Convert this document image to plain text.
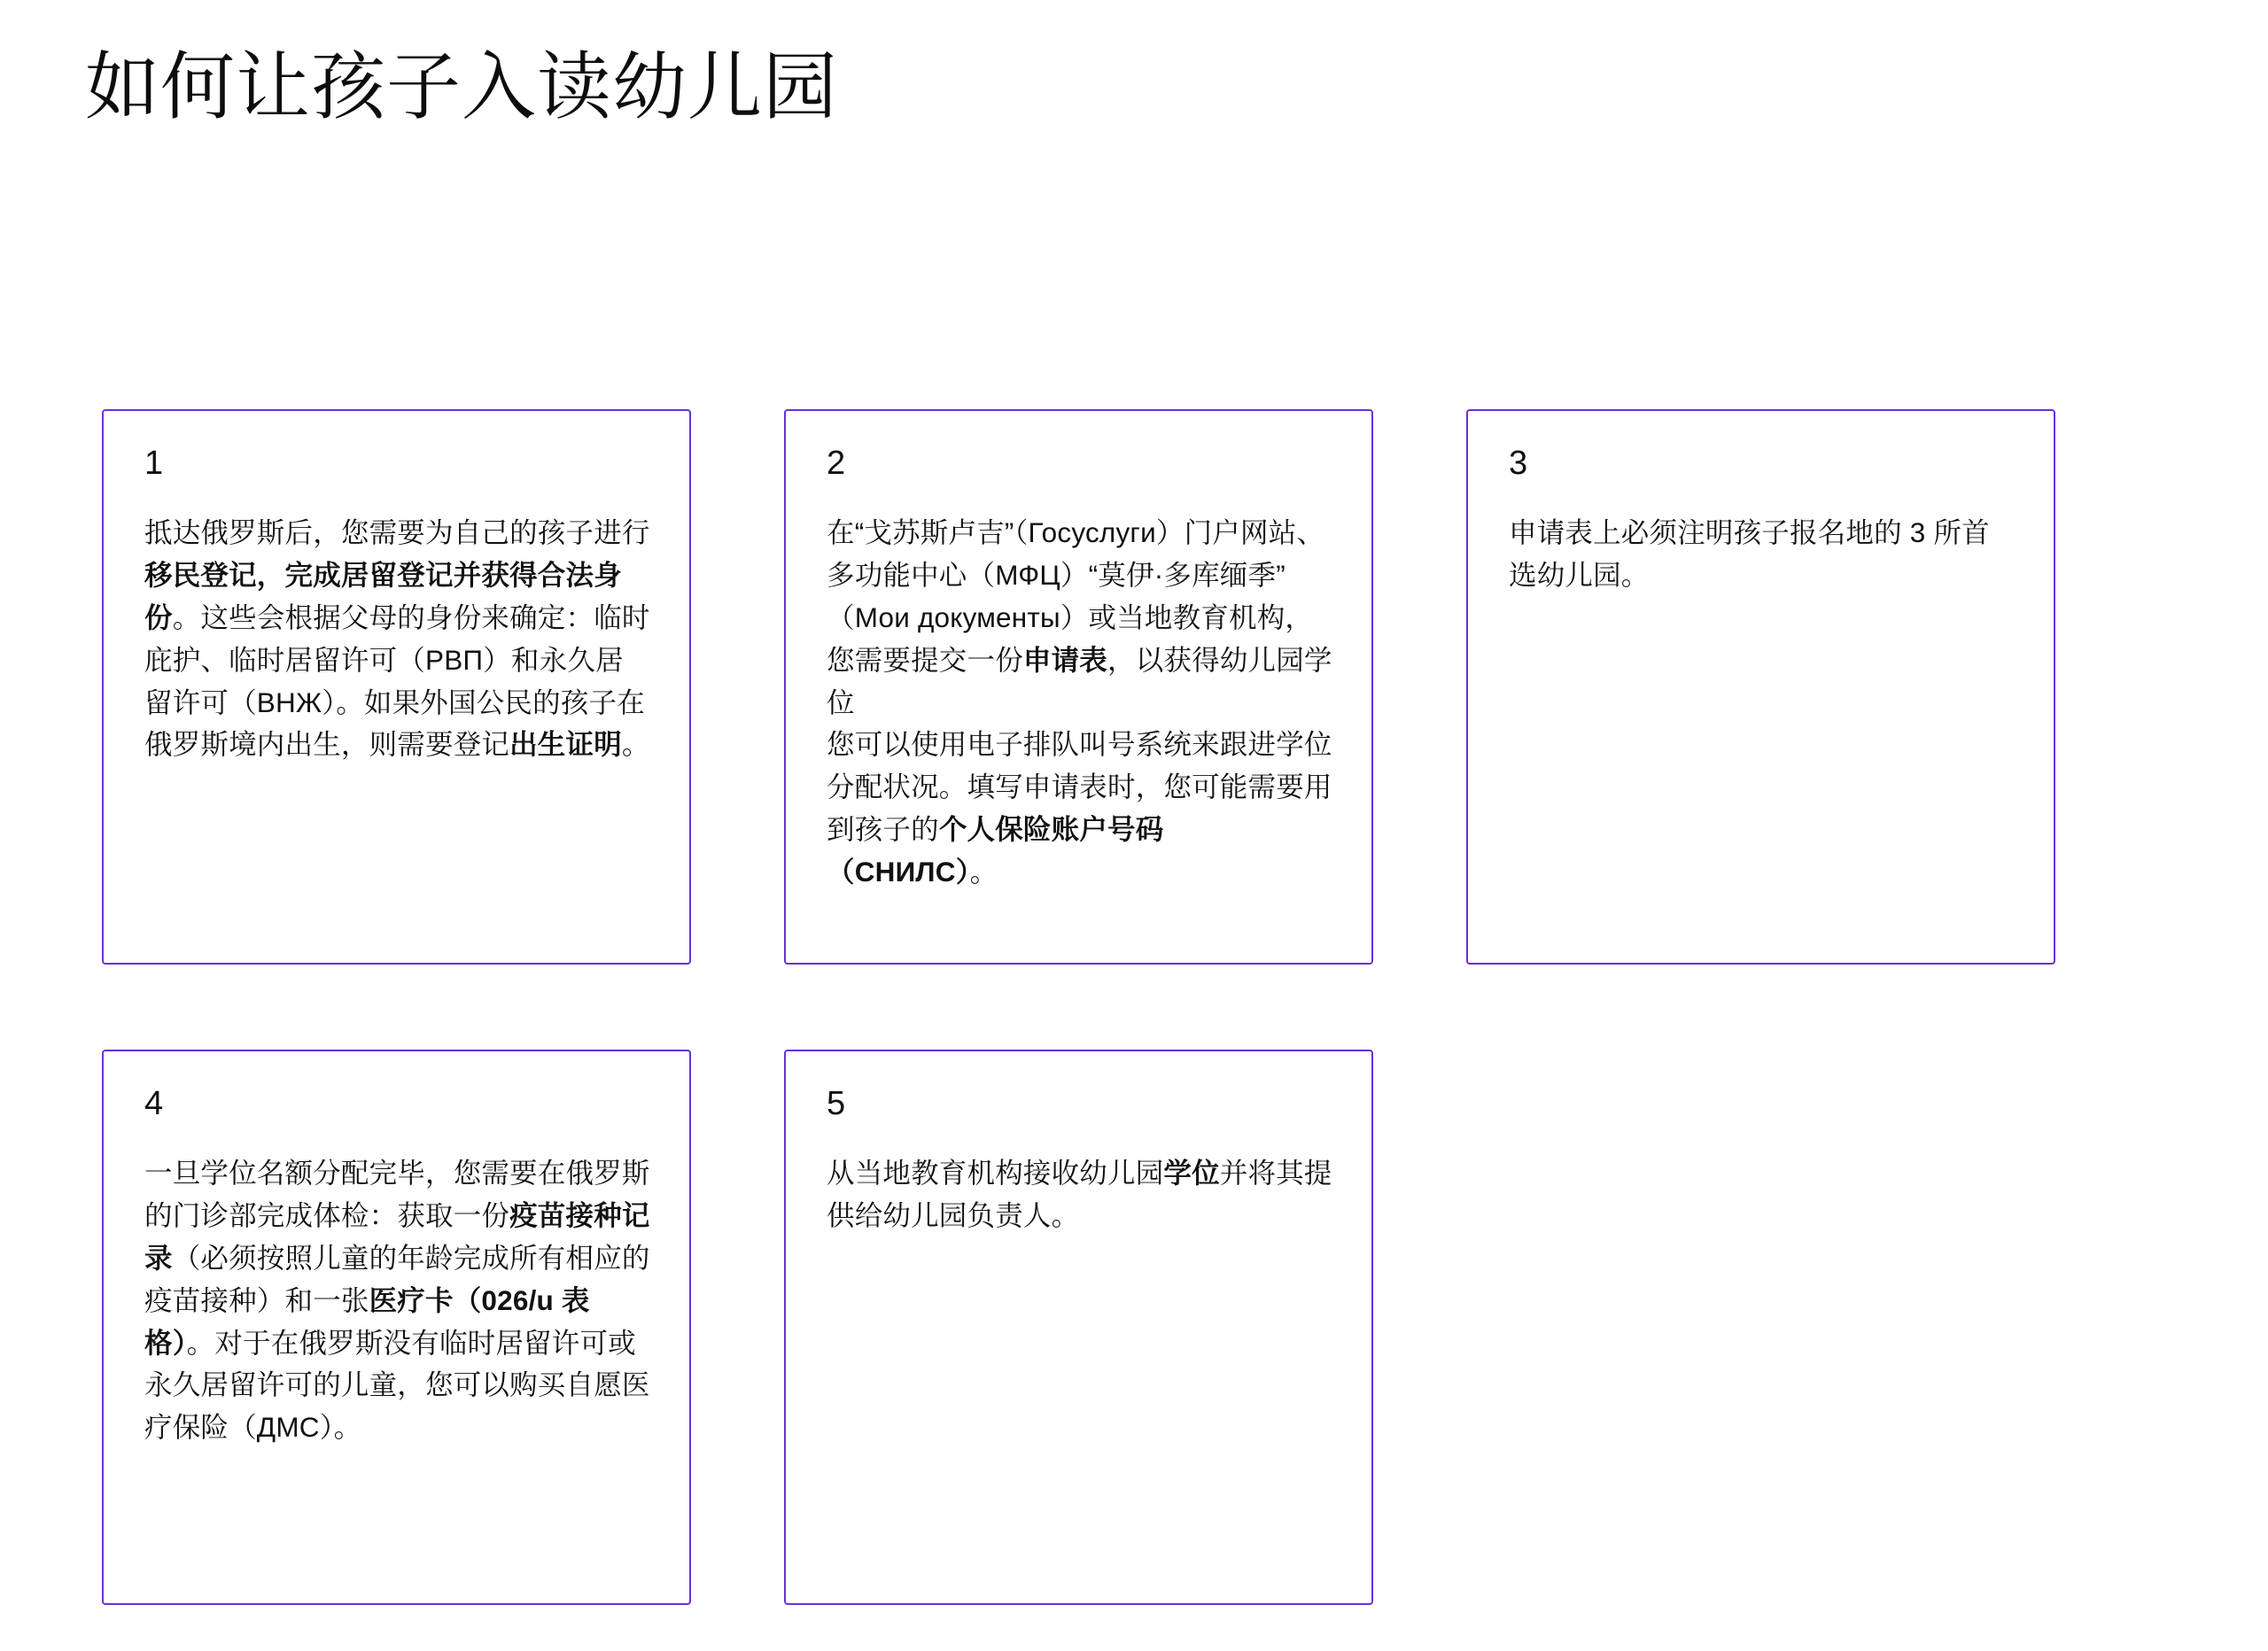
如何让孩子入读幼儿园
1
抵达俄罗斯后，您需要为自己的孩子进行移民登记，完成居留登记并获得合法身份。这些会根据父母的身份来确定：临时庇护、临时居留许可（РВП）和永久居留许可（ВНЖ）。如果外国公民的孩子在俄罗斯境内出生，则需要登记出生证明。
2
在“戈苏斯卢吉”（Госуслуги）门户网站、多功能中心（МФЦ）“莫伊·多库缅季”（Мои документы）或当地教育机构，您需要提交一份申请表，以获得幼儿园学位
您可以使用电子排队叫号系统来跟进学位分配状况。填写申请表时，您可能需要用到孩子的个人保险账户号码（СНИЛС）。
3
申请表上必须注明孩子报名地的 3 所首选幼儿园。
4
一旦学位名额分配完毕，您需要在俄罗斯的门诊部完成体检：获取一份疫苗接种记录（必须按照儿童的年龄完成所有相应的疫苗接种）和一张医疗卡（026/u 表格）。对于在俄罗斯没有临时居留许可或永久居留许可的儿童，您可以购买自愿医疗保险（ДМС）。
5
从当地教育机构接收幼儿园学位并将其提供给幼儿园负责人。
